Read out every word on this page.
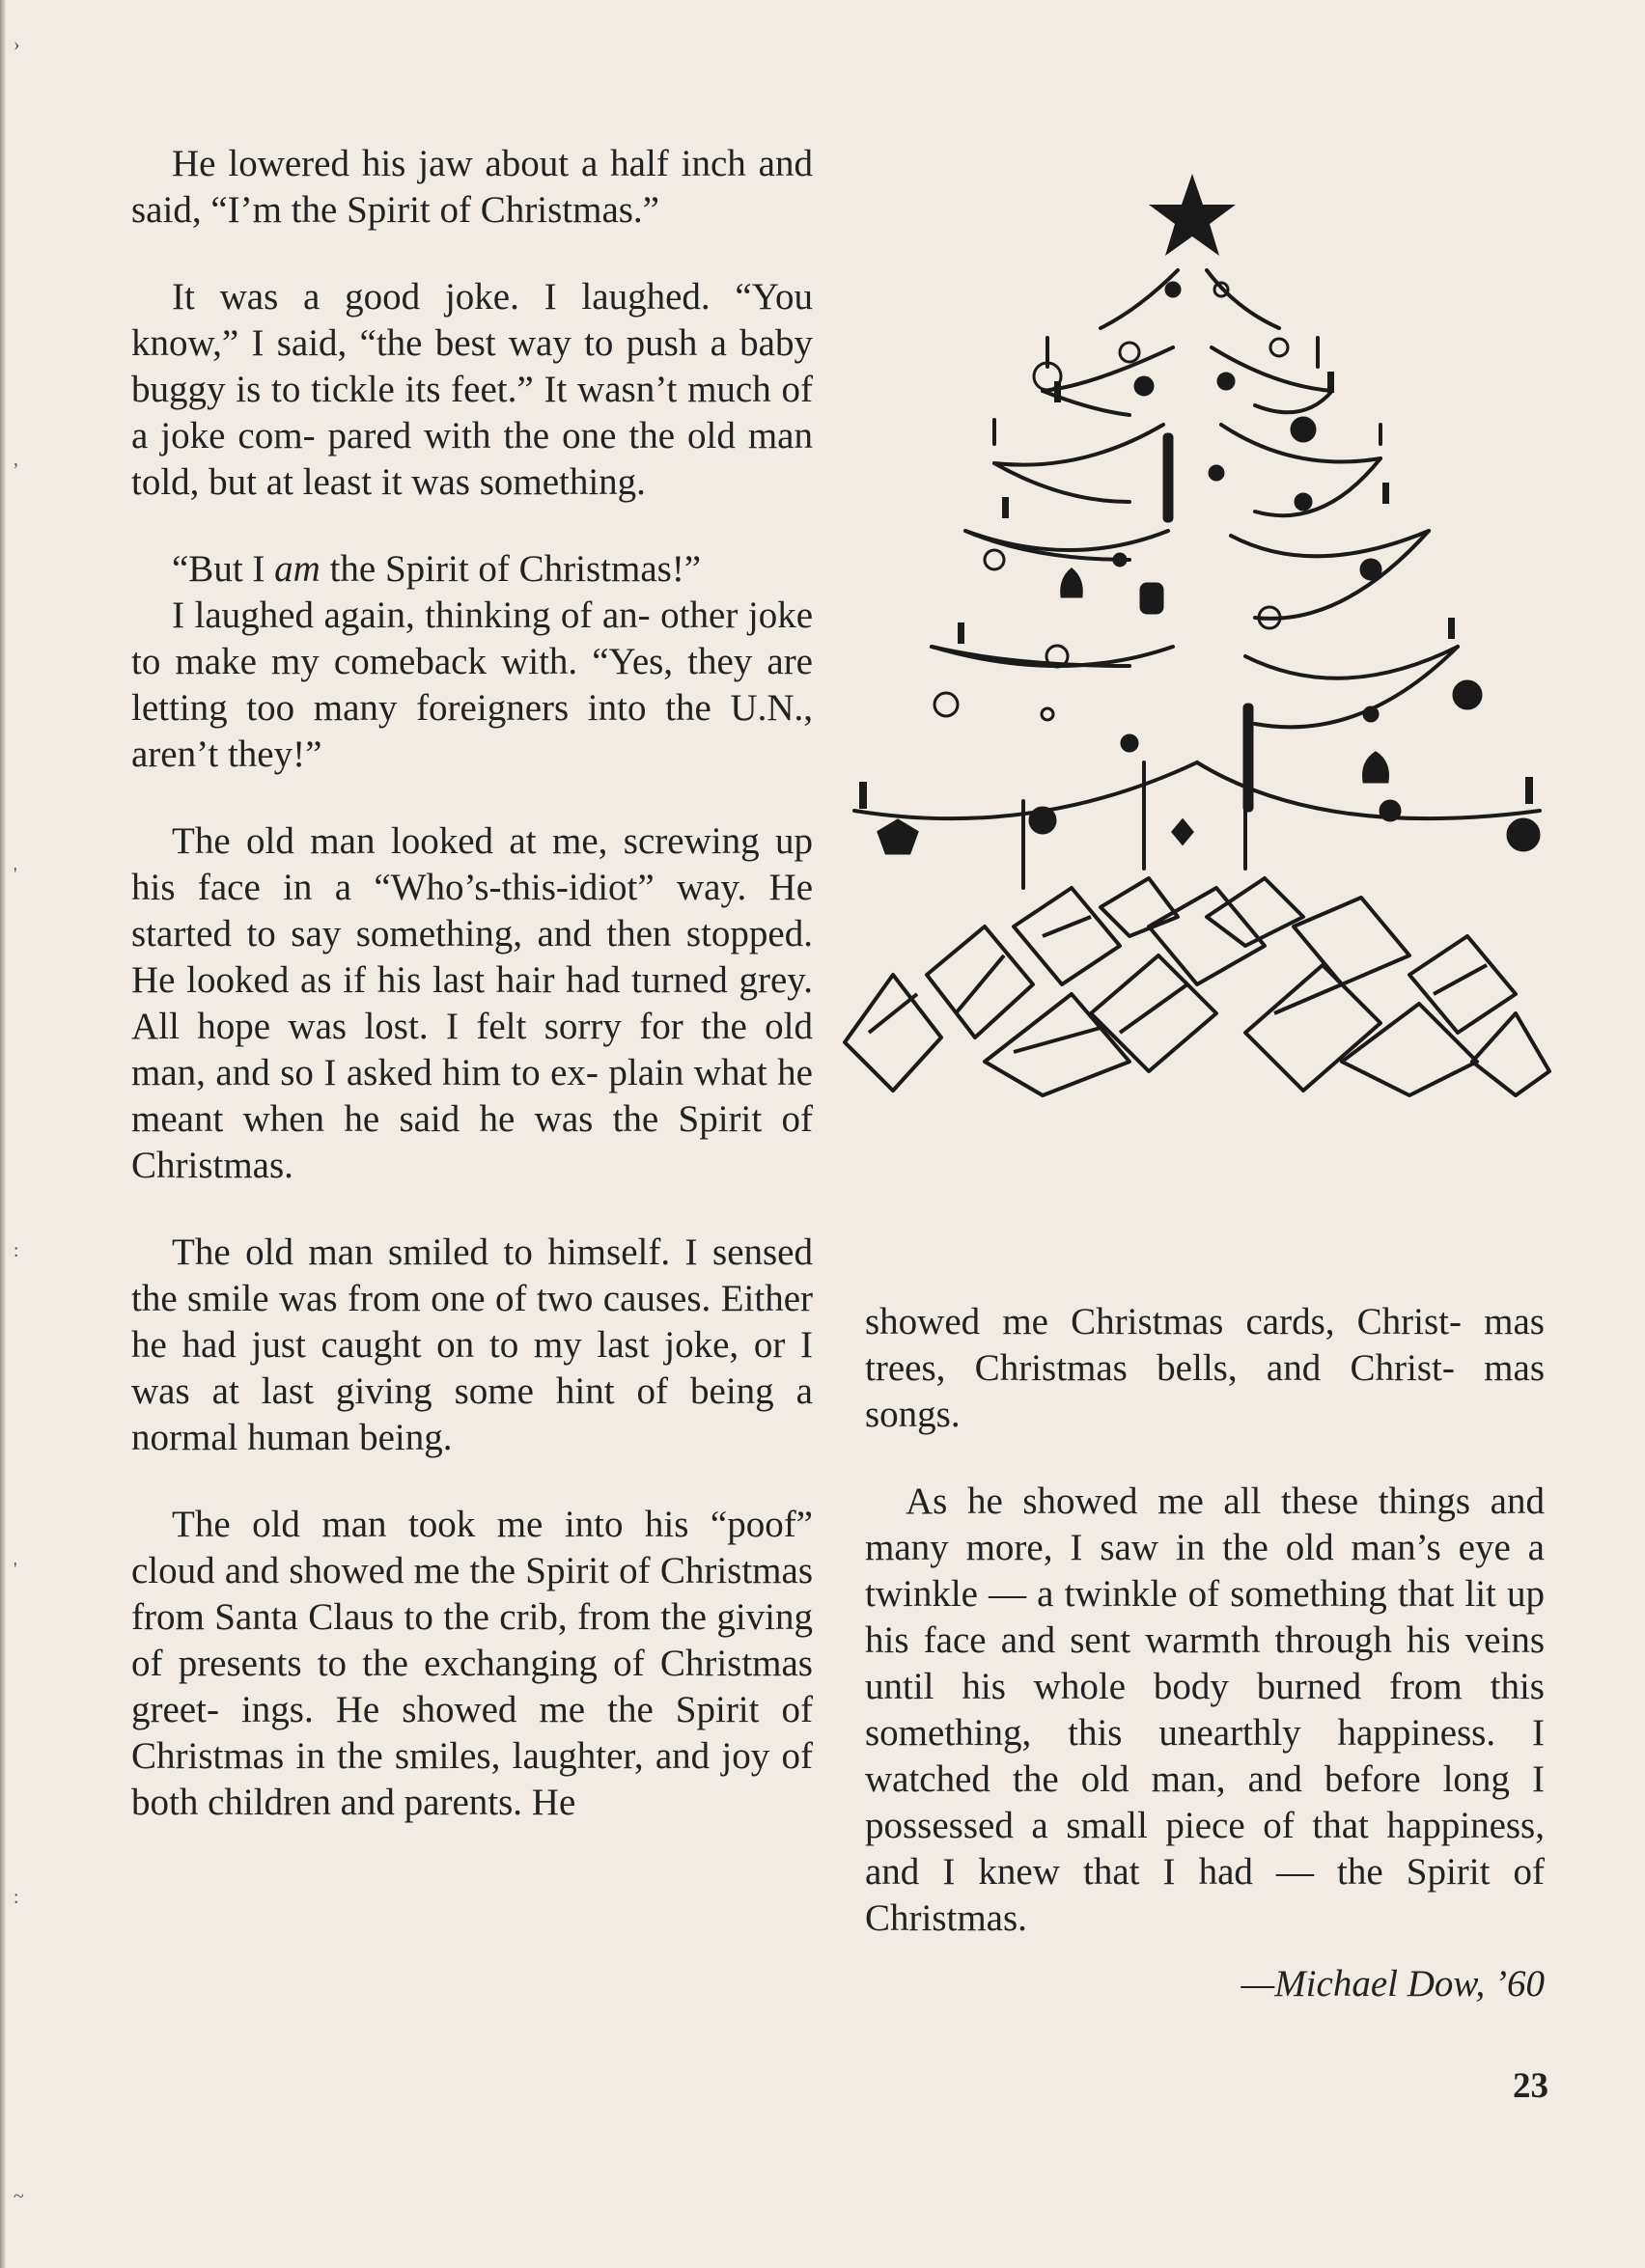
›
,
'
:
'
:
~

He lowered his jaw about a half inch and said, “I’m the Spirit of Christmas.”

It was a good joke. I laughed. “You know,” I said, “the best way to push a baby buggy is to tickle its feet.” It wasn’t much of a joke com- pared with the one the old man told, but at least it was something.

“But I am the Spirit of Christmas!”

I laughed again, thinking of an- other joke to make my comeback with. “Yes, they are letting too many foreigners into the U.N., aren’t they!”

The old man looked at me, screwing up his face in a “Who’s-this-idiot” way. He started to say something, and then stopped. He looked as if his last hair had turned grey. All hope was lost. I felt sorry for the old man, and so I asked him to ex- plain what he meant when he said he was the Spirit of Christmas.

The old man smiled to himself. I sensed the smile was from one of two causes. Either he had just caught on to my last joke, or I was at last giving some hint of being a normal human being.

The old man took me into his “poof” cloud and showed me the Spirit of Christmas from Santa Claus to the crib, from the giving of presents to the exchanging of Christmas greet- ings. He showed me the Spirit of Christmas in the smiles, laughter, and joy of both children and parents. He

showed me Christmas cards, Christ- mas trees, Christmas bells, and Christ- mas songs.

As he showed me all these things and many more, I saw in the old man’s eye a twinkle — a twinkle of something that lit up his face and sent warmth through his veins until his whole body burned from this something, this unearthly happiness. I watched the old man, and before long I possessed a small piece of that happiness, and I knew that I had — the Spirit of Christmas.

—Michael Dow, ’60
23
